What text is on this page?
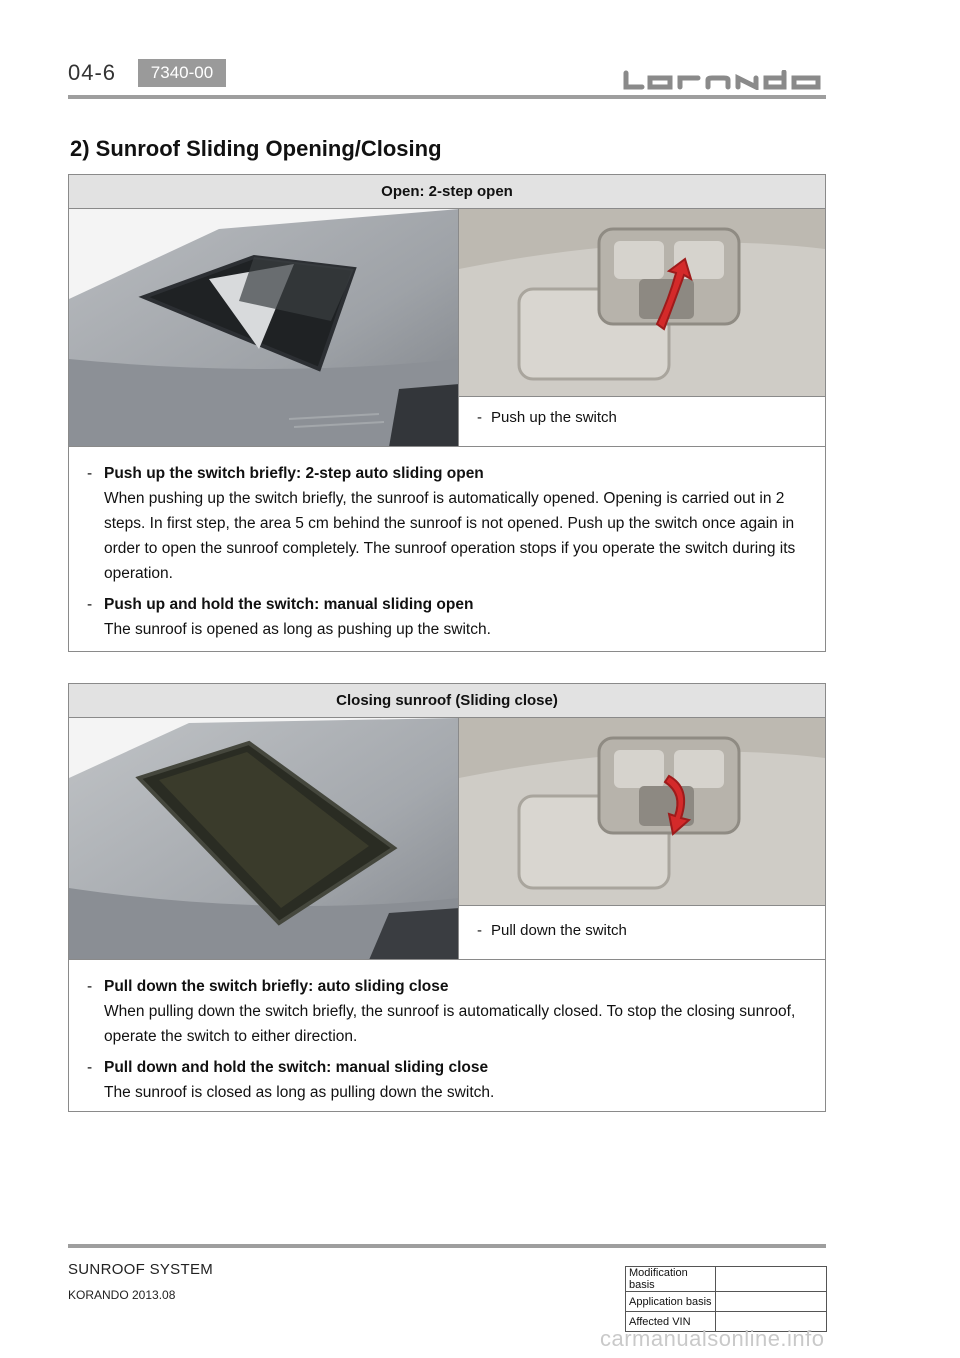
04-6	7340-00
2) Sunroof Sliding Opening/Closing
Open: 2-step open
- Push up the switch
- Push up the switch briefly: 2-step auto sliding open
When pushing up the switch briefly, the sunroof is automatically opened. Opening is carried out in 2 steps. In first step, the area 5 cm behind the sunroof is not opened. Push up the switch once again in order to open the sunroof completely. The sunroof operation stops if you operate the switch during its operation.
- Push up and hold the switch: manual sliding open
The sunroof is opened as long as pushing up the switch.
Closing sunroof (Sliding close)
- Pull down the switch
- Pull down the switch briefly: auto sliding close
When pulling down the switch briefly, the sunroof is automatically closed. To stop the closing sunroof, operate the switch to either direction.
- Pull down and hold the switch: manual sliding close
The sunroof is closed as long as pulling down the switch.
SUNROOF SYSTEM
KORANDO 2013.08
Modification basis	
Application basis	
Affected VIN	
carmanualsonline.info
